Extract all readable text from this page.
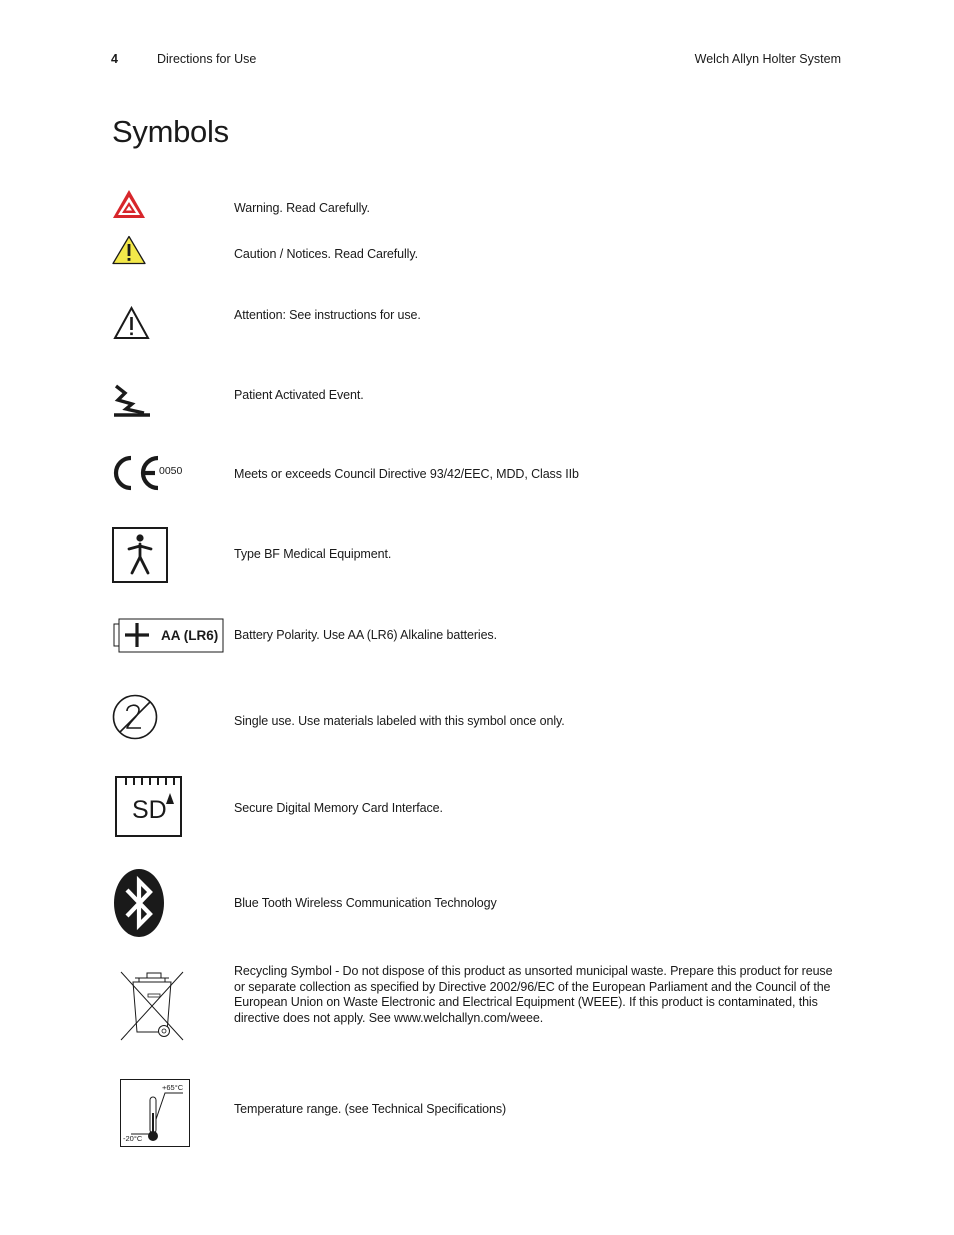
4	Directions for Use	Welch Allyn Holter System
Symbols
Warning. Read Carefully.
Caution / Notices. Read Carefully.
Attention: See instructions for use.
Patient Activated Event.
0050	Meets or exceeds Council Directive 93/42/EEC, MDD, Class IIb
Type BF Medical Equipment.
AA (LR6) Battery Polarity. Use AA (LR6) Alkaline batteries.
Single use. Use materials labeled with this symbol once only.
SD	Secure Digital Memory Card Interface.
Blue Tooth Wireless Communication Technology
Recycling Symbol - Do not dispose of this product as unsorted municipal waste. Prepare this product for reuse or separate collection as specified by Directive 2002/96/EC of the European Parliament and the Council of the European Union on Waste Electronic and Electrical Equipment (WEEE). If this product is contaminated, this directive does not apply. See www.welchallyn.com/weee.
+65°C
-20°C
Temperature range. (see Technical Specifications)
